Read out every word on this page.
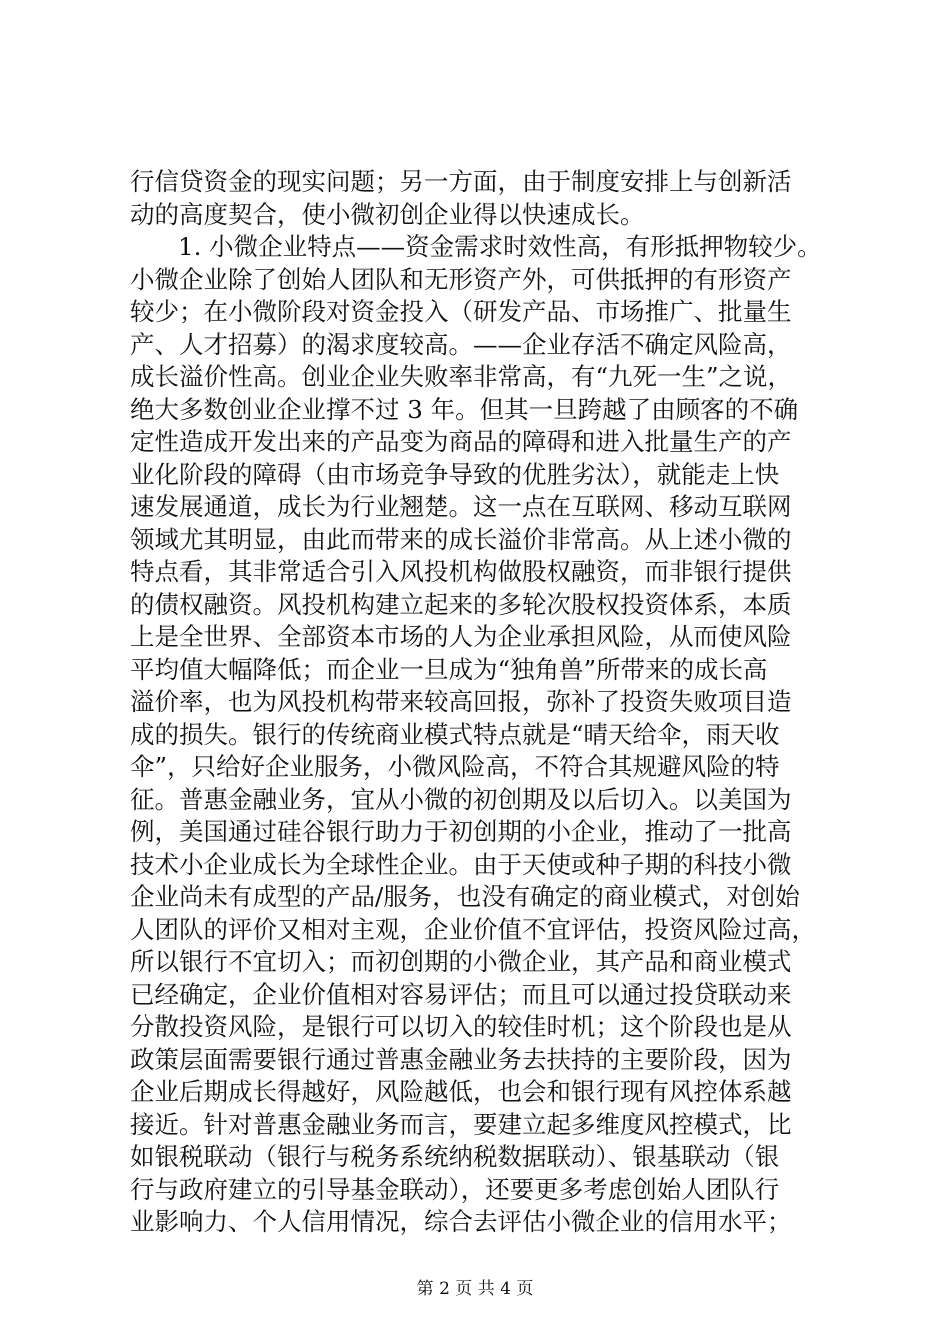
行信贷资金的现实问题；另一方面，由于制度安排上与创新活
动的高度契合，使小微初创企业得以快速成长。
1. 小微企业特点——资金需求时效性高，有形抵押物较少。
小微企业除了创始人团队和无形资产外，可供抵押的有形资产
较少；在小微阶段对资金投入（研发产品、市场推广、批量生
产、人才招募）的渴求度较高。——企业存活不确定风险高，
成长溢价性高。创业企业失败率非常高，有“九死一生”之说，
绝大多数创业企业撑不过 3 年。但其一旦跨越了由顾客的不确
定性造成开发出来的产品变为商品的障碍和进入批量生产的产
业化阶段的障碍（由市场竞争导致的优胜劣汰），就能走上快
速发展通道，成长为行业翘楚。这一点在互联网、移动互联网
领域尤其明显，由此而带来的成长溢价非常高。从上述小微的
特点看，其非常适合引入风投机构做股权融资，而非银行提供
的债权融资。风投机构建立起来的多轮次股权投资体系，本质
上是全世界、全部资本市场的人为企业承担风险，从而使风险
平均值大幅降低；而企业一旦成为“独角兽”所带来的成长高
溢价率，也为风投机构带来较高回报，弥补了投资失败项目造
成的损失。银行的传统商业模式特点就是“晴天给伞，雨天收
伞”，只给好企业服务，小微风险高，不符合其规避风险的特
征。普惠金融业务，宜从小微的初创期及以后切入。以美国为
例，美国通过硅谷银行助力于初创期的小企业，推动了一批高
技术小企业成长为全球性企业。由于天使或种子期的科技小微
企业尚未有成型的产品/服务，也没有确定的商业模式，对创始
人团队的评价又相对主观，企业价值不宜评估，投资风险过高，
所以银行不宜切入；而初创期的小微企业，其产品和商业模式
已经确定，企业价值相对容易评估；而且可以通过投贷联动来
分散投资风险，是银行可以切入的较佳时机；这个阶段也是从
政策层面需要银行通过普惠金融业务去扶持的主要阶段，因为
企业后期成长得越好，风险越低，也会和银行现有风控体系越
接近。针对普惠金融业务而言，要建立起多维度风控模式，比
如银税联动（银行与税务系统纳税数据联动）、银基联动（银
行与政府建立的引导基金联动），还要更多考虑创始人团队行
业影响力、个人信用情况，综合去评估小微企业的信用水平；
第 2 页 共 4 页
